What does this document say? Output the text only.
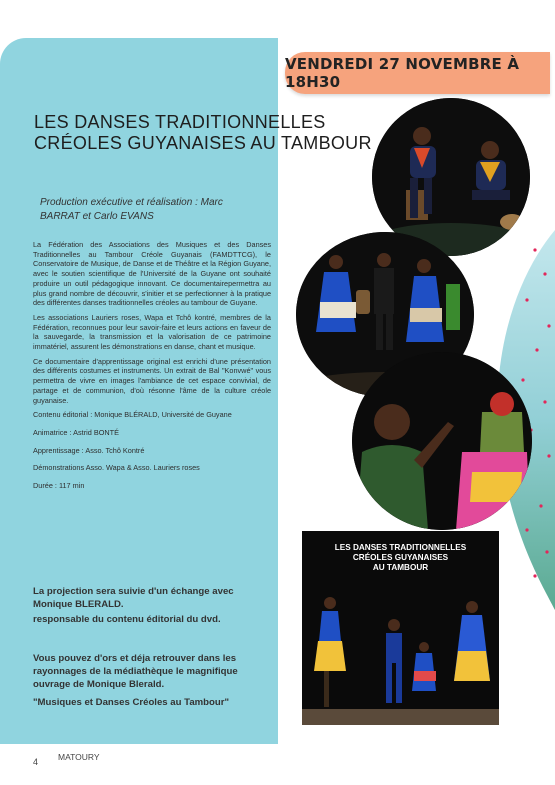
VENDREDI 27 NOVEMBRE À 18H30
LES DANSES TRADITIONNELLES
CRÉOLES GUYANAISES AU TAMBOUR

Production exécutive et réalisation : Marc BARRAT et Carlo EVANS

La Fédération des Associations des Musiques et des Danses Traditionnelles au Tambour Créole Guyanais (FAMDTTCG), le Conservatoire de Musique, de Danse et de Théâtre et la Région Guyane, avec le soutien scientifique de l'Université de la Guyane ont souhaité produire un outil pédagogique innovant. Ce documentairepermettra au plus grand nombre de découvrir, s'initier et se perfectionner à la pratique des différentes danses traditionnelles créoles au tambour de Guyane.

Les associations Lauriers roses, Wapa et Tchô kontré, membres de la Fédération, reconnues pour leur savoir-faire et leurs actions en faveur de la sauvegarde, la transmission et la valorisation de ce patrimoine immatériel, assurent les démonstrations en danse, chant et musique.

Ce documentaire d'apprentissage original est enrichi d'une présentation des différents costumes et instruments. Un extrait de Bal "Konvwé" vous permettra de vivre en images l'ambiance de cet espace convivial, de partage et de communion, d'où résonne l'âme de la culture créole guyanaise.

Contenu éditorial : Monique BLÉRALD, Université de Guyane

Animatrice : Astrid BONTÉ

Apprentissage : Asso. Tchô Kontré

Démonstrations Asso. Wapa & Asso. Lauriers roses

Durée : 117 min

La projection sera suivie d'un échange avec Monique BLERALD.

responsable du contenu éditorial du dvd.

Vous pouvez d'ors et déja retrouver dans les rayonnages de la médiathèque le magnifique ouvrage de Monique Blerald.

"Musiques et Danses Créoles au Tambour"

LES DANSES TRADITIONNELLES
CRÉOLES GUYANAISES
AU TAMBOUR
4 MATOURY
